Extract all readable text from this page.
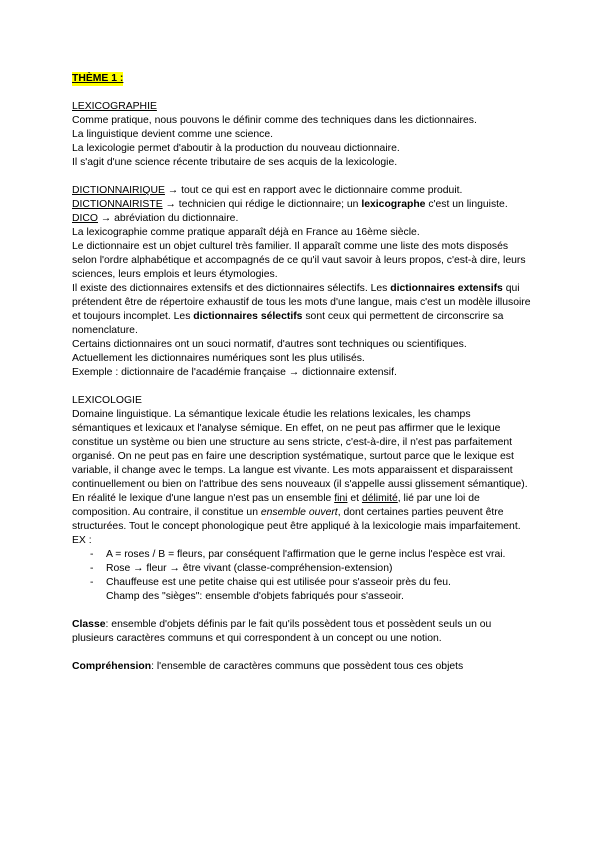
THÈME 1 :

LEXICOGRAPHIE

Comme pratique, nous pouvons le définir comme des techniques dans les dictionnaires.

La linguistique devient comme une science.

La lexicologie permet d'aboutir à la production du nouveau dictionnaire.

Il s'agit d'une science récente tributaire de ses acquis de la lexicologie.

DICTIONNAIRIQUE → tout ce qui est en rapport avec le dictionnaire comme produit.

DICTIONNAIRISTE → technicien qui rédige le dictionnaire; un lexicographe c'est un linguiste.

DICO → abréviation du dictionnaire.

La lexicographie comme pratique apparaît déjà en France au 16ème siècle.

Le dictionnaire est un objet culturel très familier. Il apparaît comme une liste des mots disposés selon l'ordre alphabétique et accompagnés de ce qu'il vaut savoir à leurs propos, c'est-à dire, leurs sciences, leurs emplois et leurs étymologies.

Il existe des dictionnaires extensifs et des dictionnaires sélectifs. Les dictionnaires extensifs qui prétendent être de répertoire exhaustif de tous les mots d'une langue, mais c'est un modèle illusoire et toujours incomplet. Les dictionnaires sélectifs sont ceux qui permettent de circonscrire sa nomenclature.

Certains dictionnaires ont un souci normatif, d'autres sont techniques ou scientifiques.

Actuellement les dictionnaires numériques sont les plus utilisés.

Exemple : dictionnaire de l'académie française → dictionnaire extensif.

LEXICOLOGIE

Domaine linguistique. La sémantique lexicale étudie les relations lexicales, les champs sémantiques et lexicaux et l'analyse sémique. En effet, on ne peut pas affirmer que le lexique constitue un système ou bien une structure au sens stricte, c'est-à-dire, il n'est pas parfaitement organisé. On ne peut pas en faire une description systématique, surtout parce que le lexique est variable, il change avec le temps. La langue est vivante. Les mots apparaissent et disparaissent continuellement ou bien on l'attribue des sens nouveaux (il s'appelle aussi glissement sémantique). En réalité le lexique d'une langue n'est pas un ensemble fini et délimité, lié par une loi de composition. Au contraire, il constitue un ensemble ouvert, dont certaines parties peuvent être structurées. Tout le concept phonologique peut être appliqué à la lexicologie mais imparfaitement.

EX :

- A = roses / B = fleurs, par conséquent l'affirmation que le gerne inclus l'espèce est vrai.
- Rose → fleur → être vivant (classe-compréhension-extension)
- Chauffeuse est une petite chaise qui est utilisée pour s'asseoir près du feu.

Champ des "sièges": ensemble d'objets fabriqués pour s'asseoir.

Classe: ensemble d'objets définis par le fait qu'ils possèdent tous et possèdent seuls un ou plusieurs caractères communs et qui correspondent à un concept ou une notion.

Compréhension: l'ensemble de caractères communs que possèdent tous ces objets
